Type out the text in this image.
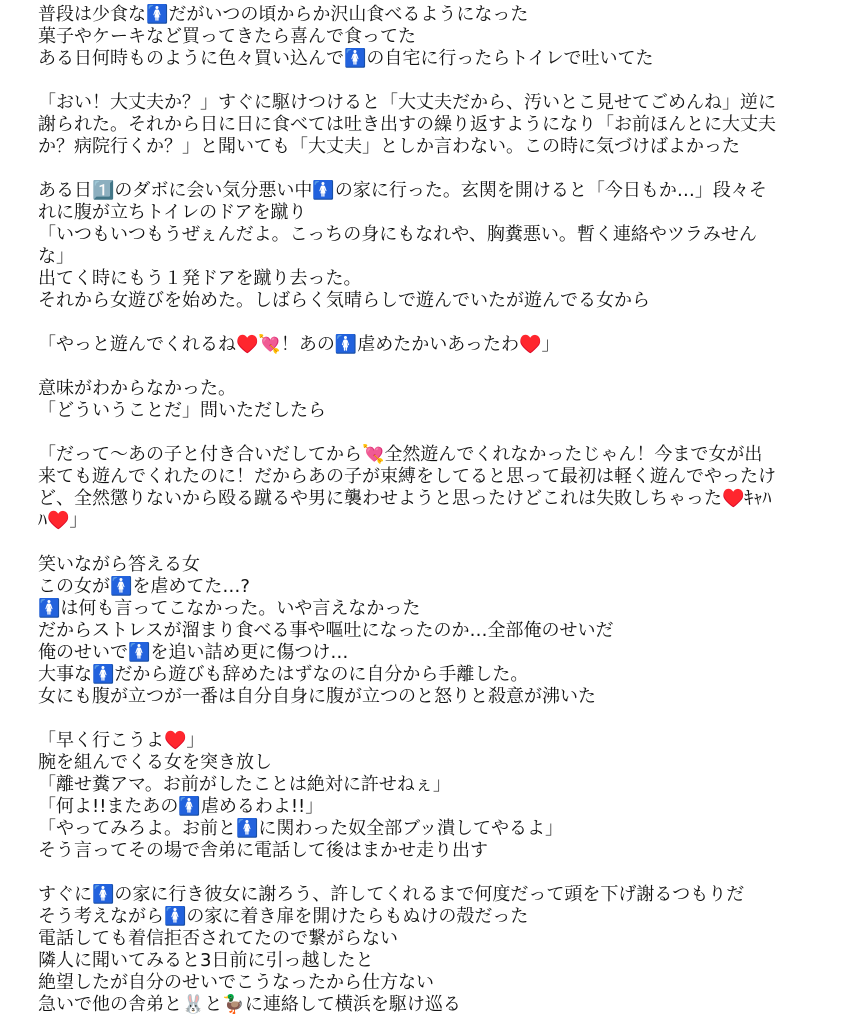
普段は少食な🚺だがいつの頃からか沢山食べるようになった
菓子やケーキなど買ってきたら喜んで食ってた
ある日何時ものように色々買い込んで🚺の自宅に行ったらトイレで吐いてた
「おい！大丈夫か？」すぐに駆けつけると「大丈夫だから、汚いとこ見せてごめんね」逆に
謝られた。それから日に日に食べては吐き出すの繰り返すようになり「お前ほんとに大丈夫
か？病院行くか？」と聞いても「大丈夫」としか言わない。この時に気づけばよかった
ある日1️⃣のダボに会い気分悪い中🚺の家に行った。玄関を開けると「今日もか…」段々そ
れに腹が立ちトイレのドアを蹴り
「いつもいつもうぜぇんだよ。こっちの身にもなれや、胸糞悪い。暫く連絡やツラみせん
な」
出てく時にもう１発ドアを蹴り去った。
それから女遊びを始めた。しばらく気晴らしで遊んでいたが遊んでる女から
「やっと遊んでくれるね♥️💘！あの🚺虐めたかいあったわ♥️」
意味がわからなかった。
「どういうことだ」問いただしたら
「だって〜あの子と付き合いだしてから💘全然遊んでくれなかったじゃん！今まで女が出
来ても遊んでくれたのに！だからあの子が束縛をしてると思って最初は軽く遊んでやったけ
ど、全然懲りないから殴る蹴るや男に襲わせようと思ったけどこれは失敗しちゃった♥️ｷｬﾊ
ﾊ♥️」
笑いながら答える女
この女が🚺を虐めてた…?
🚺は何も言ってこなかった。いや言えなかった
だからストレスが溜まり食べる事や嘔吐になったのか…全部俺のせいだ
俺のせいで🚺を追い詰め更に傷つけ…
大事な🚺だから遊びも辞めたはずなのに自分から手離した。
女にも腹が立つが一番は自分自身に腹が立つのと怒りと殺意が沸いた
「早く行こうよ♥️」
腕を組んでくる女を突き放し
「離せ糞アマ。お前がしたことは絶対に許せねぇ」
「何よ!!またあの🚺虐めるわよ!!」
「やってみろよ。お前と🚺に関わった奴全部ブッ潰してやるよ」
そう言ってその場で舎弟に電話して後はまかせ走り出す
すぐに🚺の家に行き彼女に謝ろう、許してくれるまで何度だって頭を下げ謝るつもりだ
そう考えながら🚺の家に着き扉を開けたらもぬけの殻だった
電話しても着信拒否されてたので繋がらない
隣人に聞いてみると3日前に引っ越したと
絶望したが自分のせいでこうなったから仕方ない
急いで他の舎弟と🐰と🦆に連絡して横浜を駆け巡る
